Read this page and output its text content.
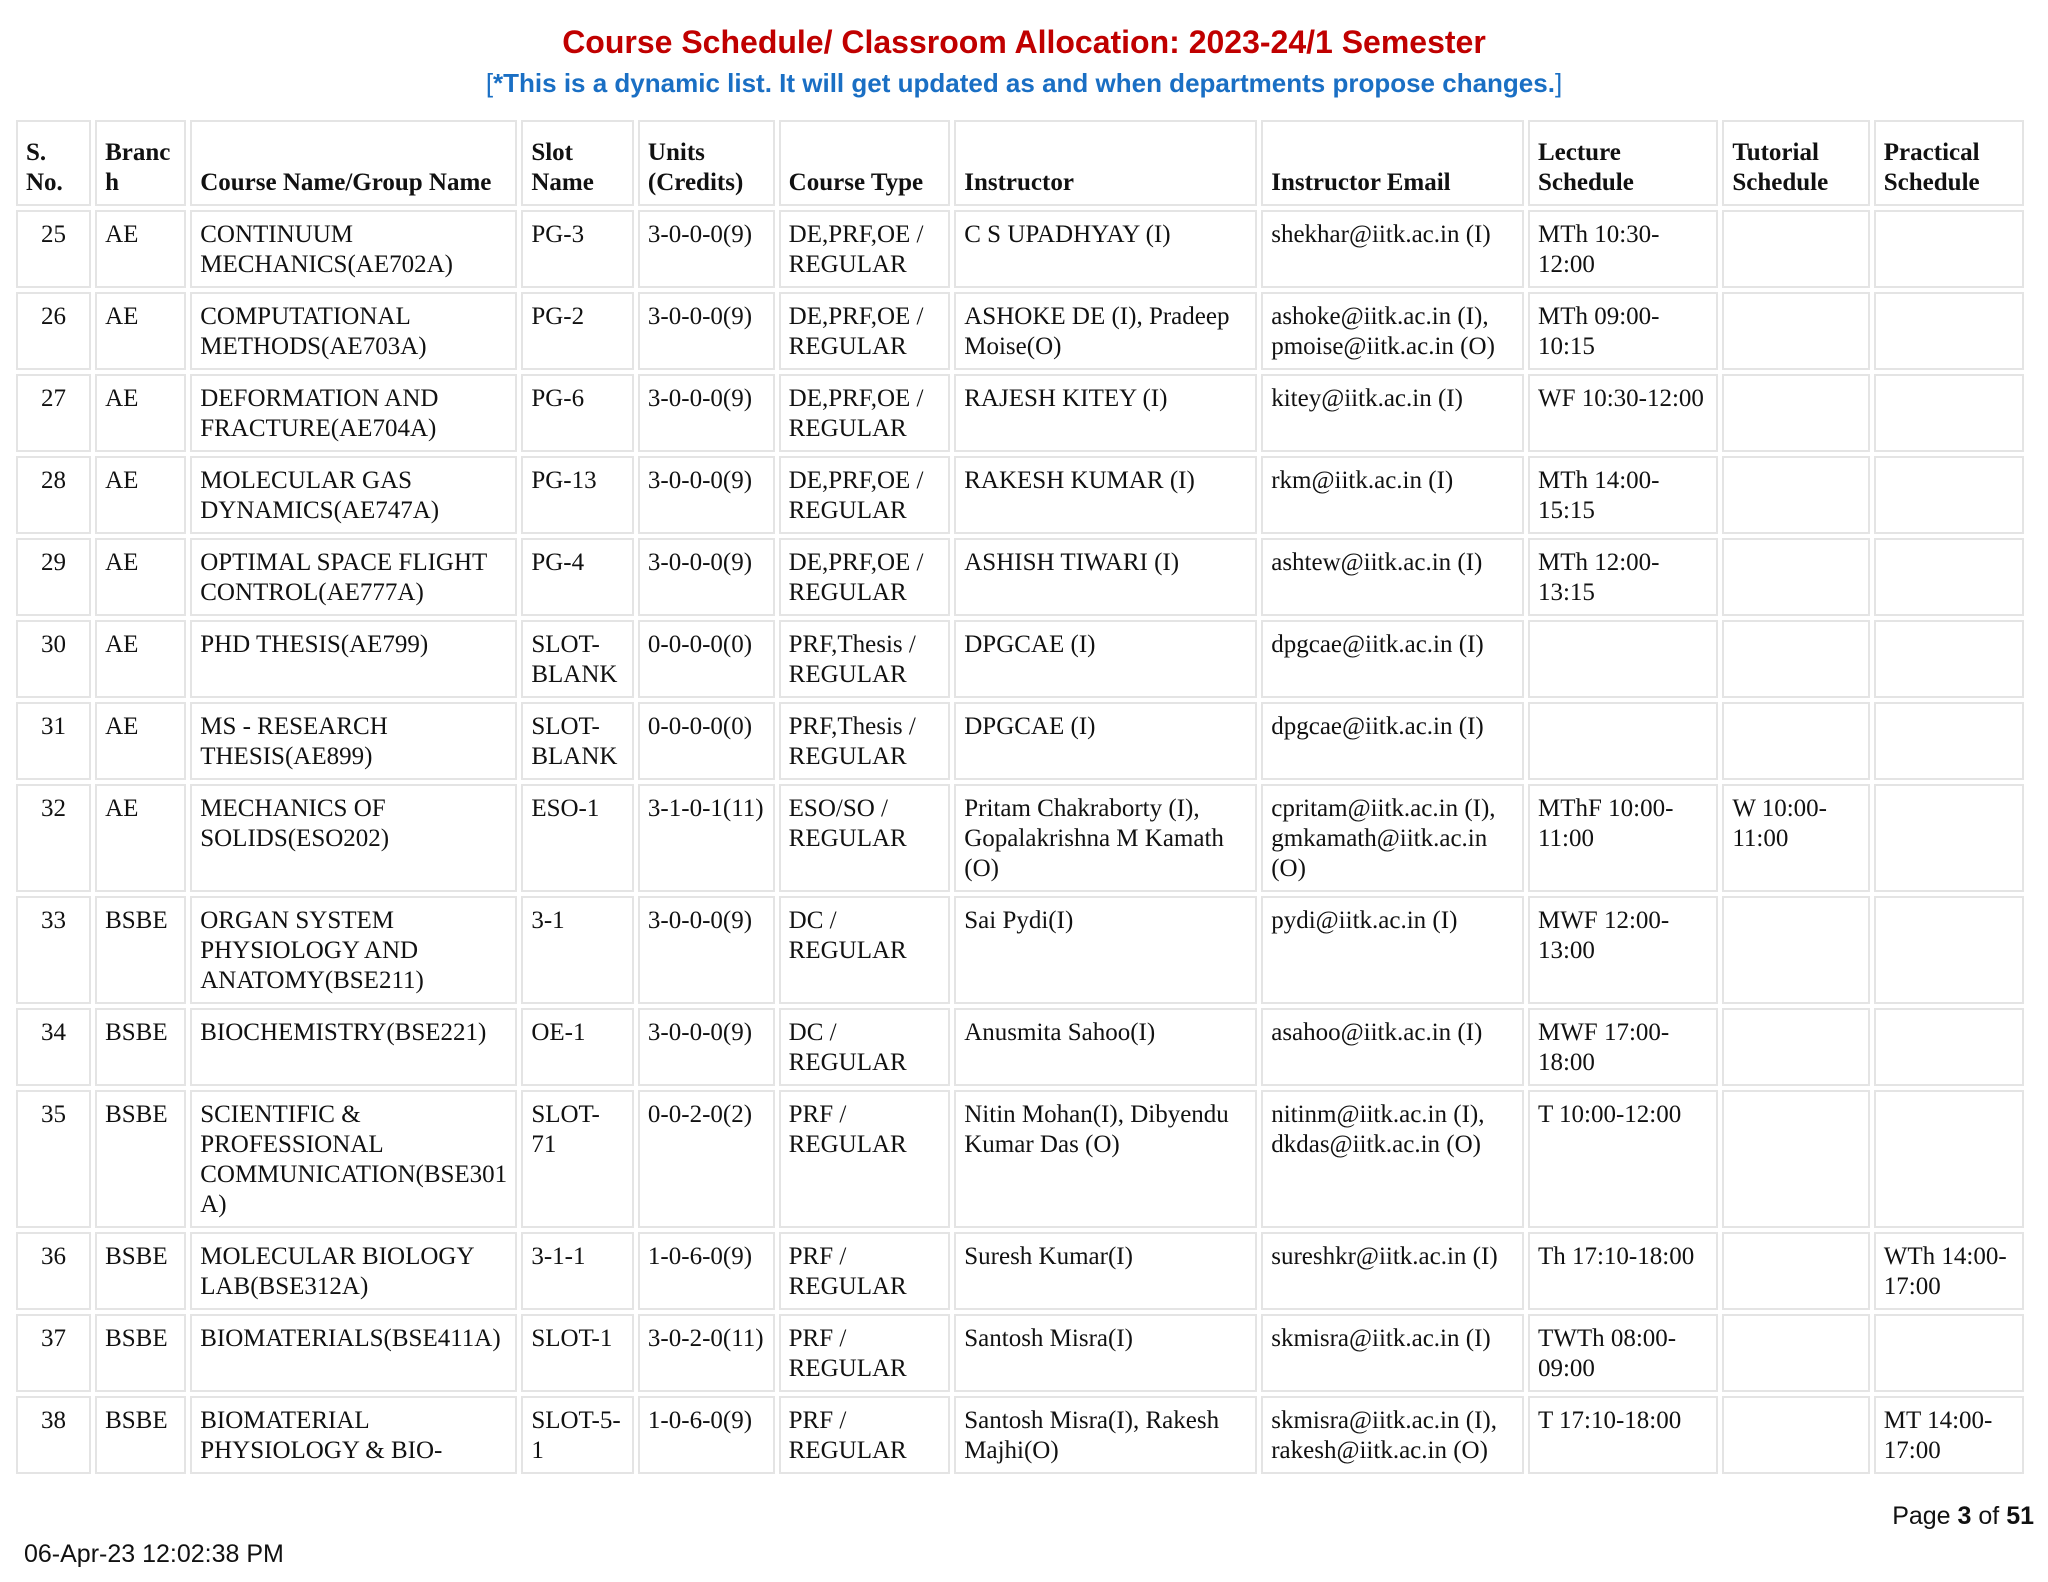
Course Schedule/ Classroom Allocation: 2023-24/1 Semester
[*This is a dynamic list. It will get updated as and when departments propose changes.]
S. No.	Branch	Course Name/Group Name	Slot Name	Units (Credits)	Course Type	Instructor	Instructor Email	Lecture Schedule	Tutorial Schedule	Practical Schedule
25	AE	CONTINUUM MECHANICS(AE702A)	PG-3	3-0-0-0(9)	DE,PRF,OE / REGULAR	C S UPADHYAY (I)	shekhar@iitk.ac.in (I)	MTh 10:30-12:00		
26	AE	COMPUTATIONAL METHODS(AE703A)	PG-2	3-0-0-0(9)	DE,PRF,OE / REGULAR	ASHOKE DE (I), Pradeep Moise(O)	ashoke@iitk.ac.in (I), pmoise@iitk.ac.in (O)	MTh 09:00-10:15		
27	AE	DEFORMATION AND FRACTURE(AE704A)	PG-6	3-0-0-0(9)	DE,PRF,OE / REGULAR	RAJESH KITEY (I)	kitey@iitk.ac.in (I)	WF 10:30-12:00		
28	AE	MOLECULAR GAS DYNAMICS(AE747A)	PG-13	3-0-0-0(9)	DE,PRF,OE / REGULAR	RAKESH KUMAR (I)	rkm@iitk.ac.in (I)	MTh 14:00-15:15		
29	AE	OPTIMAL SPACE FLIGHT CONTROL(AE777A)	PG-4	3-0-0-0(9)	DE,PRF,OE / REGULAR	ASHISH TIWARI (I)	ashtew@iitk.ac.in (I)	MTh 12:00-13:15		
30	AE	PHD THESIS(AE799)	SLOT-BLANK	0-0-0-0(0)	PRF,Thesis / REGULAR	DPGCAE (I)	dpgcae@iitk.ac.in (I)			
31	AE	MS - RESEARCH THESIS(AE899)	SLOT-BLANK	0-0-0-0(0)	PRF,Thesis / REGULAR	DPGCAE (I)	dpgcae@iitk.ac.in (I)			
32	AE	MECHANICS OF SOLIDS(ESO202)	ESO-1	3-1-0-1(11)	ESO/SO / REGULAR	Pritam Chakraborty (I), Gopalakrishna M Kamath (O)	cpritam@iitk.ac.in (I), gmkamath@iitk.ac.in (O)	MThF 10:00-11:00	W 10:00-11:00	
33	BSBE	ORGAN SYSTEM PHYSIOLOGY AND ANATOMY(BSE211)	3-1	3-0-0-0(9)	DC / REGULAR	Sai Pydi(I)	pydi@iitk.ac.in (I)	MWF 12:00-13:00		
34	BSBE	BIOCHEMISTRY(BSE221)	OE-1	3-0-0-0(9)	DC / REGULAR	Anusmita Sahoo(I)	asahoo@iitk.ac.in (I)	MWF 17:00-18:00		
35	BSBE	SCIENTIFIC & PROFESSIONAL COMMUNICATION(BSE301A)	SLOT-71	0-0-2-0(2)	PRF / REGULAR	Nitin Mohan(I), Dibyendu Kumar Das (O)	nitinm@iitk.ac.in (I), dkdas@iitk.ac.in (O)	T 10:00-12:00		
36	BSBE	MOLECULAR BIOLOGY LAB(BSE312A)	3-1-1	1-0-6-0(9)	PRF / REGULAR	Suresh Kumar(I)	sureshkr@iitk.ac.in (I)	Th 17:10-18:00		WTh 14:00-17:00
37	BSBE	BIOMATERIALS(BSE411A)	SLOT-1	3-0-2-0(11)	PRF / REGULAR	Santosh Misra(I)	skmisra@iitk.ac.in (I)	TWTh 08:00-09:00		
38	BSBE	BIOMATERIAL PHYSIOLOGY & BIO-	SLOT-5-1	1-0-6-0(9)	PRF / REGULAR	Santosh Misra(I), Rakesh Majhi(O)	skmisra@iitk.ac.in (I), rakesh@iitk.ac.in (O)	T 17:10-18:00		MT 14:00-17:00
Page 3 of 51
06-Apr-23 12:02:38 PM
